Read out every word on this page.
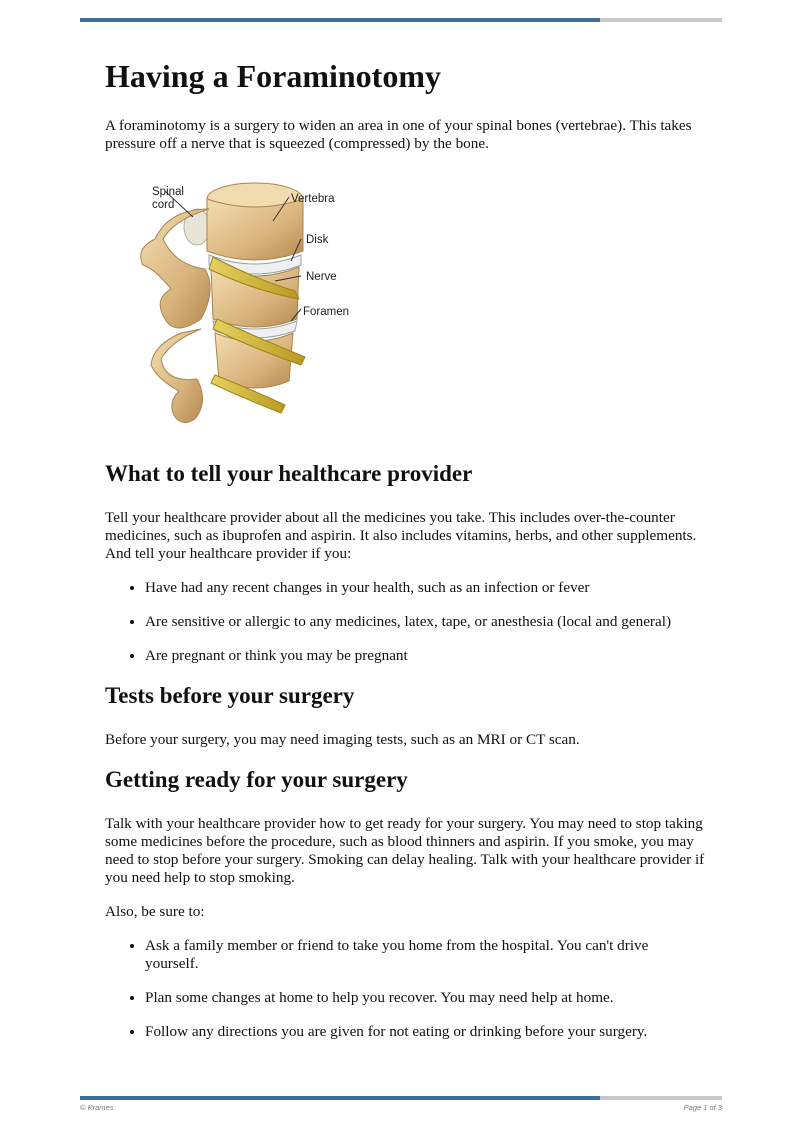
Having a Foraminotomy

A foraminotomy is a surgery to widen an area in one of your spinal bones (vertebrae). This takes pressure off a nerve that is squeezed (compressed) by the bone.

Spinal
cord	Vertebra
Disk
Nerve
Foramen
What to tell your healthcare provider

Tell your healthcare provider about all the medicines you take. This includes over-the-counter medicines, such as ibuprofen and aspirin. It also includes vitamins, herbs, and other supplements. And tell your healthcare provider if you:

• Have had any recent changes in your health, such as an infection or fever
• Are sensitive or allergic to any medicines, latex, tape, or anesthesia (local and general)
• Are pregnant or think you may be pregnant
Tests before your surgery

Before your surgery, you may need imaging tests, such as an MRI or CT scan.

Getting ready for your surgery

Talk with your healthcare provider how to get ready for your surgery. You may need to stop taking some medicines before the procedure, such as blood thinners and aspirin. If you smoke, you may need to stop before your surgery. Smoking can delay healing. Talk with your healthcare provider if you need help to stop smoking.

Also, be sure to:

• Ask a family member or friend to take you home from the hospital. You can't drive yourself.
• Plan some changes at home to help you recover. You may need help at home.
• Follow any directions you are given for not eating or drinking before your surgery.
© Krames	Page 1 of 3
